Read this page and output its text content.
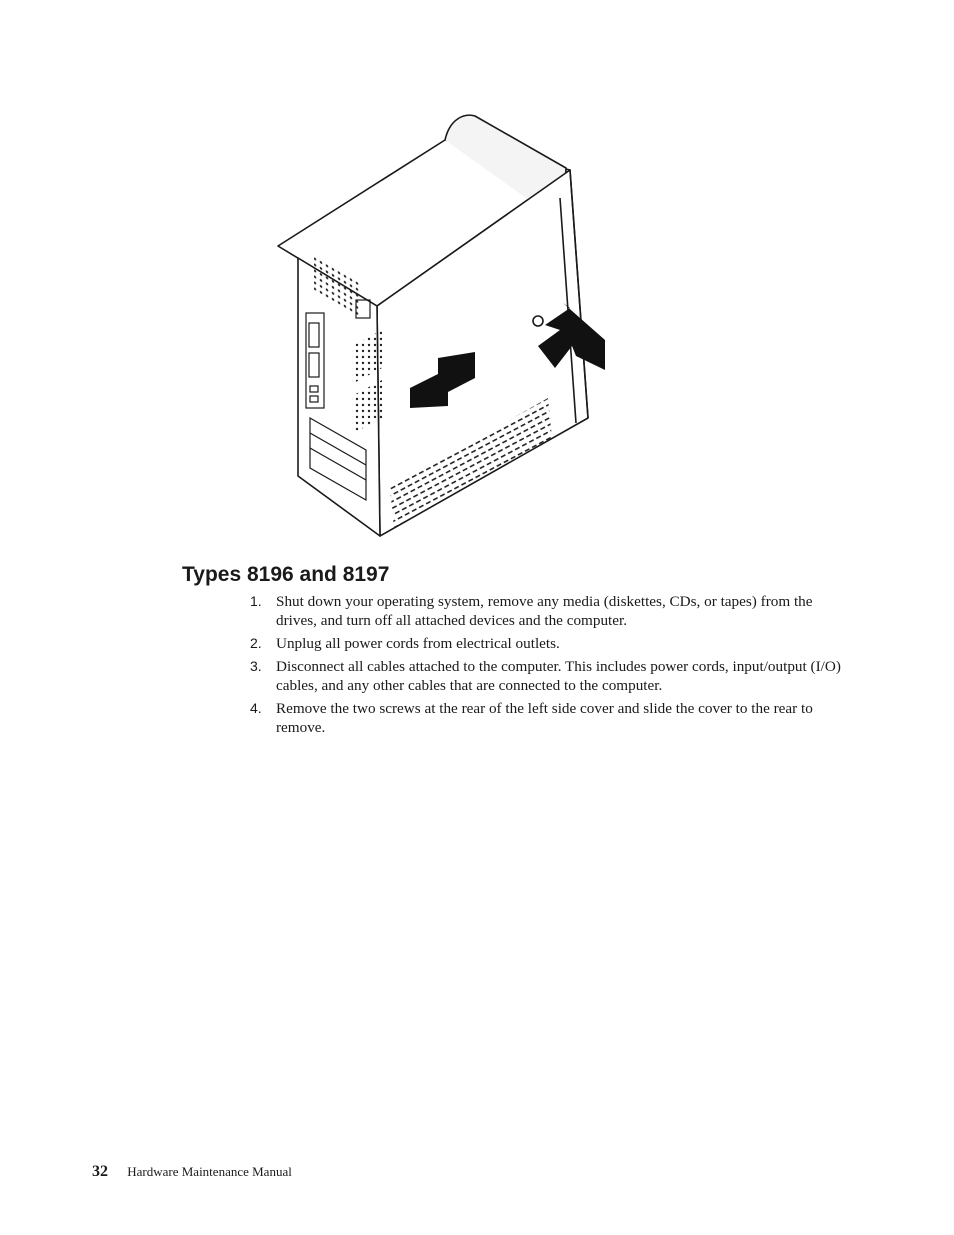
Types 8196 and 8197
1. Shut down your operating system, remove any media (diskettes, CDs, or tapes) from the drives, and turn off all attached devices and the computer.
2. Unplug all power cords from electrical outlets.
3. Disconnect all cables attached to the computer. This includes power cords, input/output (I/O) cables, and any other cables that are connected to the computer.
4. Remove the two screws at the rear of the left side cover and slide the cover to the rear to remove.
32 Hardware Maintenance Manual
